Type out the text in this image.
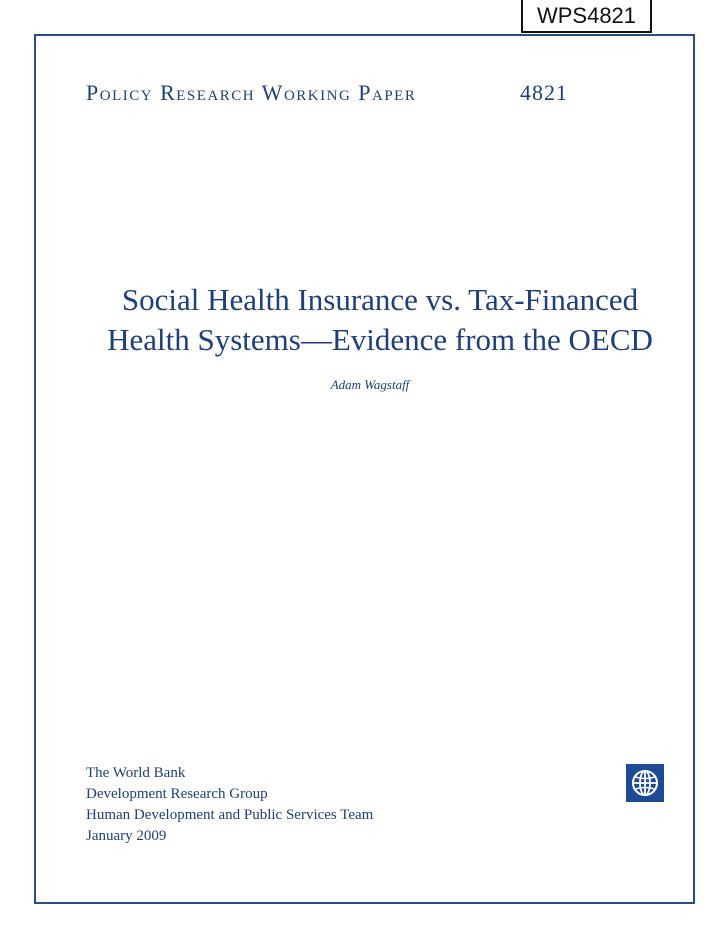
WPS4821
Policy Research Working Paper	4821
Social Health Insurance vs. Tax-Financed
Health Systems—Evidence from the OECD
Adam Wagstaff
The World Bank
Development Research Group
Human Development and Public Services Team
January 2009
